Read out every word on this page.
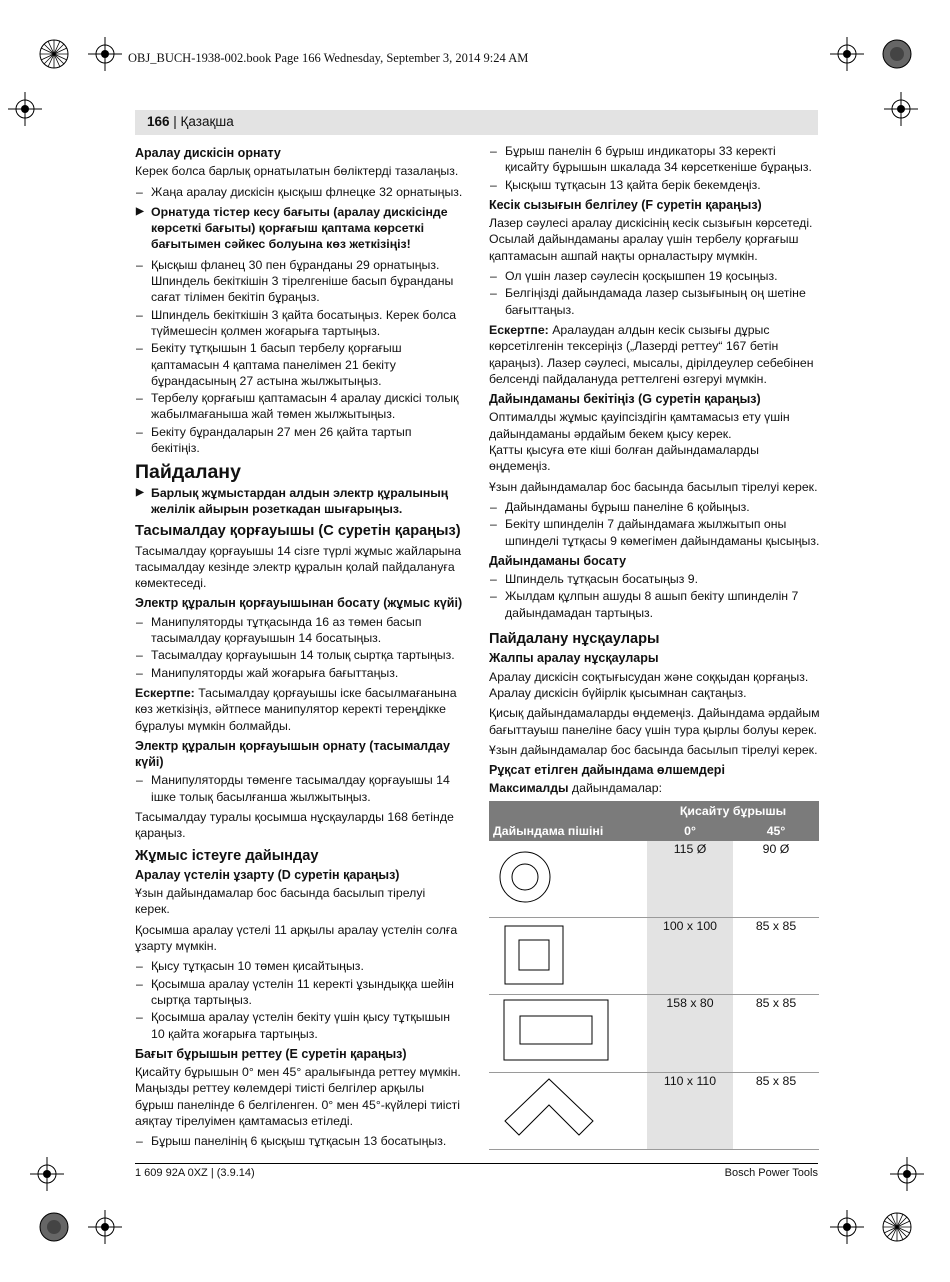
OBJ_BUCH-1938-002.book Page 166 Wednesday, September 3, 2014 9:24 AM
166 | Қазақша
Аралау дискісін орнату

Керек болса барлық орнатылатын бөліктерді тазалаңыз.

– Жаңа аралау дискісін қысқыш флнецке 32 орнатыңыз.
▶ Орнатуда тістер кесу бағыты (аралау дискісінде көрсеткі бағыты) қорғағыш қаптама көрсеткі бағытымен сәйкес болуына көз жеткізіңіз!
– Қысқыш фланец 30 пен бұранданы 29 орнатыңыз. Шпиндель бекіткішін 3 тірелгеніше басып бұранданы сағат тілімен бекітіп бұраңыз.
– Шпиндель бекіткішін 3 қайта босатыңыз. Керек болса түймешесін қолмен жоғарыға тартыңыз.
– Бекіту тұтқышын 1 басып тербелу қорғағыш қаптамасын 4 қаптама панелімен 21 бекіту бұрандасының 27 астына жылжытыңыз.
– Тербелу қорғағыш қаптамасын 4 аралау дискісі толық жабылмағаныша жай төмен жылжытыңыз.
– Бекіту бұрандаларын 27 мен 26 қайта тартып бекітіңіз.
Пайдалану
▶ Барлық жұмыстардан алдын электр құралының желілік айырын розеткадан шығарыңыз.
Тасымалдау қорғауышы (C суретін қараңыз)

Тасымалдау қорғауышы 14 сізге түрлі жұмыс жайларына тасымалдау кезінде электр құралын қолай пайдалануға көмектеседі.

Электр құралын қорғауышынан босату (жұмыс күйі)
– Манипуляторды тұтқасында 16 аз төмен басып тасымалдау қорғауышын 14 босатыңыз.
– Тасымалдау қорғауышын 14 толық сыртқа тартыңыз.
– Манипуляторды жай жоғарыға бағыттаңыз.

Ескертпе: Тасымалдау қорғауышы іске басылмағанына көз жеткізіңіз, әйтпесе манипулятор керекті тереңдікке бұралуы мүмкін болмайды.

Электр құралын қорғауышын орнату (тасымалдау күйі)
– Манипуляторды төменге тасымалдау қорғауышы 14 ішке толық басылғанша жылжытыңыз.

Тасымалдау туралы қосымша нұсқауларды 168 бетінде қараңыз.

Жұмыс істеуге дайындау
Аралау үстелін ұзарту (D суретін қараңыз)

Ұзын дайындамалар бос басында басылып тірелуі керек.

Қосымша аралау үстелі 11 арқылы аралау үстелін солға ұзарту мүмкін.

– Қысу тұтқасын 10 төмен қисайтыңыз.
– Қосымша аралау үстелін 11 керекті ұзындыққа шейін сыртқа тартыңыз.
– Қосымша аралау үстелін бекіту үшін қысу тұтқышын 10 қайта жоғарыға тартыңыз.
Бағыт бұрышын реттеу (E суретін қараңыз)

Қисайту бұрышын 0° мен 45° аралығында реттеу мүмкін. Маңызды реттеу көлемдері тиісті белгілер арқылы бұрыш панелінде 6 белгіленген. 0° мен 45°-күйлері тиісті аяқтау тірелуімен қамтамасыз етіледі.

– Бұрыш панелінің 6 қысқыш тұтқасын 13 босатыңыз.
– Бұрыш панелін 6 бұрыш индикаторы 33 керекті қисайту бұрышын шкалада 34 көрсеткеніше бұраңыз.
– Қысқыш тұтқасын 13 қайта берік бекемдеңіз.
Кесік сызығын белгілеу (F суретін қараңыз)

Лазер сәулесі аралау дискісінің кесік сызығын көрсетеді. Осылай дайындаманы аралау үшін тербелу қорғағыш қаптамасын ашпай нақты орналастыру мүмкін.

– Ол үшін лазер сәулесін қосқышпен 19 қосыңыз.
– Белгіңізді дайындамада лазер сызығының оң шетіне бағыттаңыз.

Ескертпе: Аралаудан алдын кесік сызығы дұрыс көрсетілгенін тексеріңіз („Лазерді реттеу“ 167 бетін қараңыз). Лазер сәулесі, мысалы, дірілдеулер себебінен белсенді пайдалануда реттелгені өзгеруі мүмкін.

Дайындаманы бекітіңіз (G суретін қараңыз)

Оптималды жұмыс қауіпсіздігін қамтамасыз ету үшін дайындаманы әрдайым бекем қысу керек.

Қатты қысуға өте кіші болған дайындамаларды өңдемеңіз.

Ұзын дайындамалар бос басында басылып тірелуі керек.

– Дайындаманы бұрыш панеліне 6 қойыңыз.
– Бекіту шпинделін 7 дайындамаға жылжытып оны шпинделі тұтқасы 9 көмегімен дайындаманы қысыңыз.
Дайындаманы босату
– Шпиндель тұтқасын босатыңыз 9.
– Жылдам құлпын ашуды 8 ашып бекіту шпинделін 7 дайындамадан тартыңыз.
Пайдалану нұсқаулары
Жалпы аралау нұсқаулары

Аралау дискісін соқтығысудан және соққыдан қорғаңыз. Аралау дискісін бүйірлік қысымнан сақтаңыз.

Қисық дайындамаларды өңдемеңіз. Дайындама әрдайым бағыттауыш панеліне басу үшін тура қырлы болуы керек.

Ұзын дайындамалар бос басында басылып тірелуі керек.

Рұқсат етілген дайындама өлшемдері

Максималды дайындамалар:

	Қисайту бұрышы	
Дайындама пішіні	0°	45°
	115 Ø	90 Ø
	100 x 100	85 x 85
	158 x 80	85 x 85
	110 x 110	85 x 85
1 609 92A 0XZ | (3.9.14)	Bosch Power Tools
